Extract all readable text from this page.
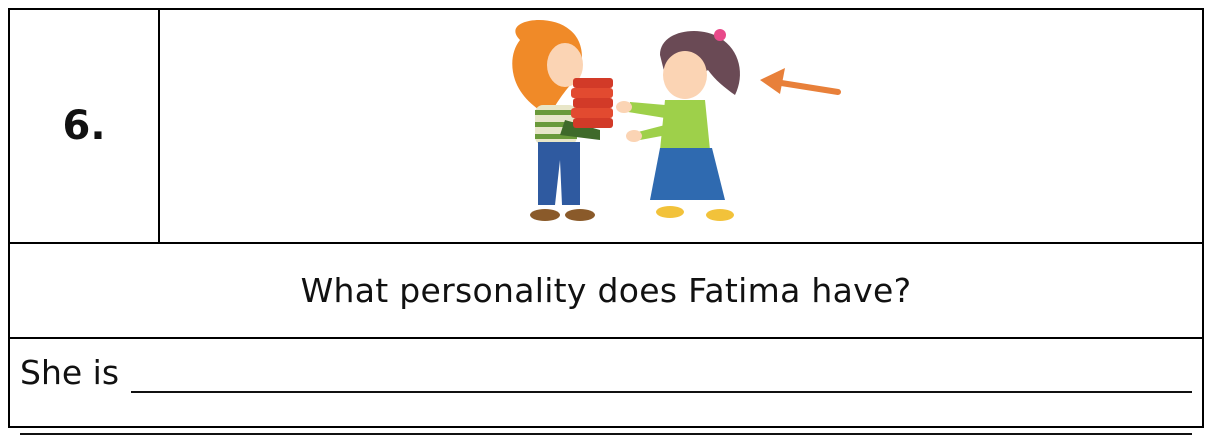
6.
What personality does Fatima have?
She is
